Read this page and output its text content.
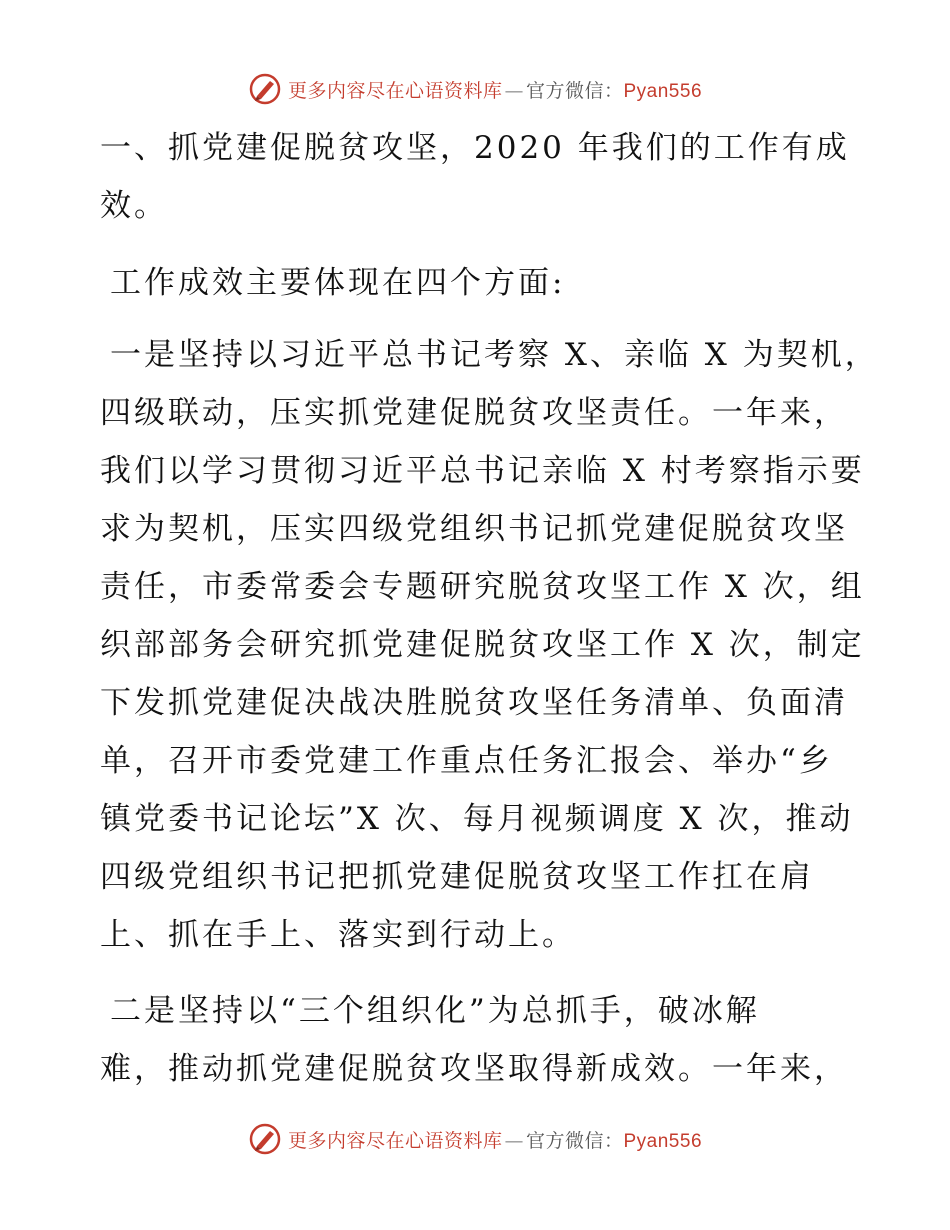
更多内容尽在心语资料库 — 官方微信：Pyan556
一、抓党建促脱贫攻坚，2020 年我们的工作有成
效。
工作成效主要体现在四个方面:
一是坚持以习近平总书记考察 X、亲临 X 为契机，
四级联动，压实抓党建促脱贫攻坚责任。一年来，
我们以学习贯彻习近平总书记亲临 X 村考察指示要
求为契机，压实四级党组织书记抓党建促脱贫攻坚
责任，市委常委会专题研究脱贫攻坚工作 X 次，组
织部部务会研究抓党建促脱贫攻坚工作 X 次，制定
下发抓党建促决战决胜脱贫攻坚任务清单、负面清
单，召开市委党建工作重点任务汇报会、举办“乡
镇党委书记论坛”X 次、每月视频调度 X 次，推动
四级党组织书记把抓党建促脱贫攻坚工作扛在肩
上、抓在手上、落实到行动上。
二是坚持以“三个组织化”为总抓手，破冰解
难，推动抓党建促脱贫攻坚取得新成效。一年来，
更多内容尽在心语资料库 — 官方微信：Pyan556
